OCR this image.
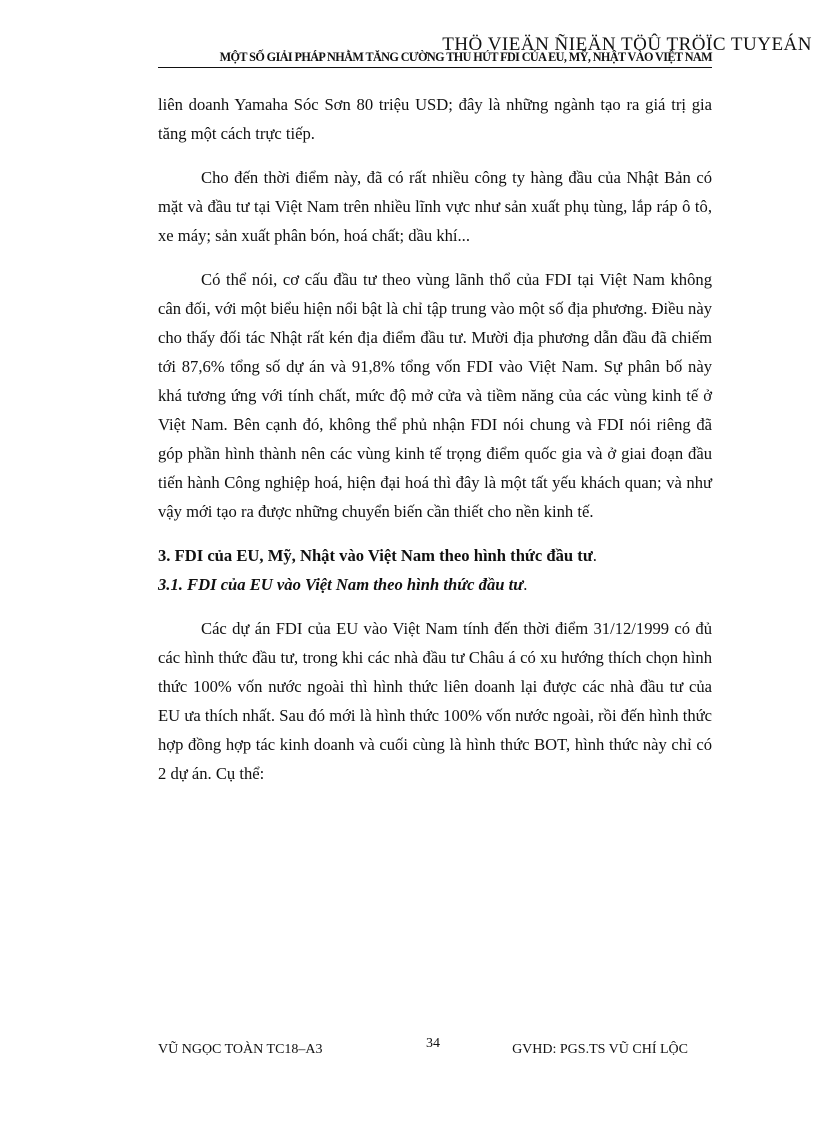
THÖ VIEÄN ÑIEÄN TÖÛ TRÖÏC TUYEÁN
MỘT SỐ GIẢI PHÁP NHẰM TĂNG CƯỜNG THU HÚT FDI CỦA EU, MỸ, NHẬT VÀO VIỆT NAM

liên doanh Yamaha Sóc Sơn 80 triệu USD; đây là những ngành tạo ra giá trị gia tăng một cách trực tiếp.

Cho đến thời điểm này, đã có rất nhiều công ty hàng đầu của Nhật Bản có mặt và đầu tư tại Việt Nam trên nhiều lĩnh vực như sản xuất phụ tùng, lắp ráp ô tô, xe máy; sản xuất phân bón, hoá chất; dầu khí...

Có thể nói, cơ cấu đầu tư theo vùng lãnh thổ của FDI tại Việt Nam không cân đối, với một biểu hiện nổi bật là chỉ tập trung vào một số địa phương. Điều này cho thấy đối tác Nhật rất kén địa điểm đầu tư. Mười địa phương dẫn đầu đã chiếm tới 87,6% tổng số dự án và 91,8% tổng vốn FDI vào Việt Nam. Sự phân bố này khá tương ứng với tính chất, mức độ mở cửa và tiềm năng của các vùng kinh tế ở Việt Nam. Bên cạnh đó, không thể phủ nhận FDI nói chung và FDI nói riêng đã góp phần hình thành nên các vùng kinh tế trọng điểm quốc gia và ở giai đoạn đầu tiến hành Công nghiệp hoá, hiện đại hoá thì đây là một tất yếu khách quan; và như vậy mới tạo ra được những chuyển biến cần thiết cho nền kinh tế.

3. FDI của EU, Mỹ, Nhật vào Việt Nam theo hình thức đầu tư.
3.1. FDI của EU vào Việt Nam theo hình thức đầu tư.

Các dự án FDI của EU vào Việt Nam tính đến thời điểm 31/12/1999 có đủ các hình thức đầu tư, trong khi các nhà đầu tư Châu á có xu hướng thích chọn hình thức 100% vốn nước ngoài thì hình thức liên doanh lại được các nhà đầu tư của EU ưa thích nhất. Sau đó mới là hình thức 100% vốn nước ngoài, rồi đến hình thức hợp đồng hợp tác kinh doanh và cuối cùng là hình thức BOT, hình thức này chỉ có 2 dự án. Cụ thể:

VŨ NGỌC TOÀN TC18–A3	34	GVHD: PGS.TS VŨ CHÍ LỘC
